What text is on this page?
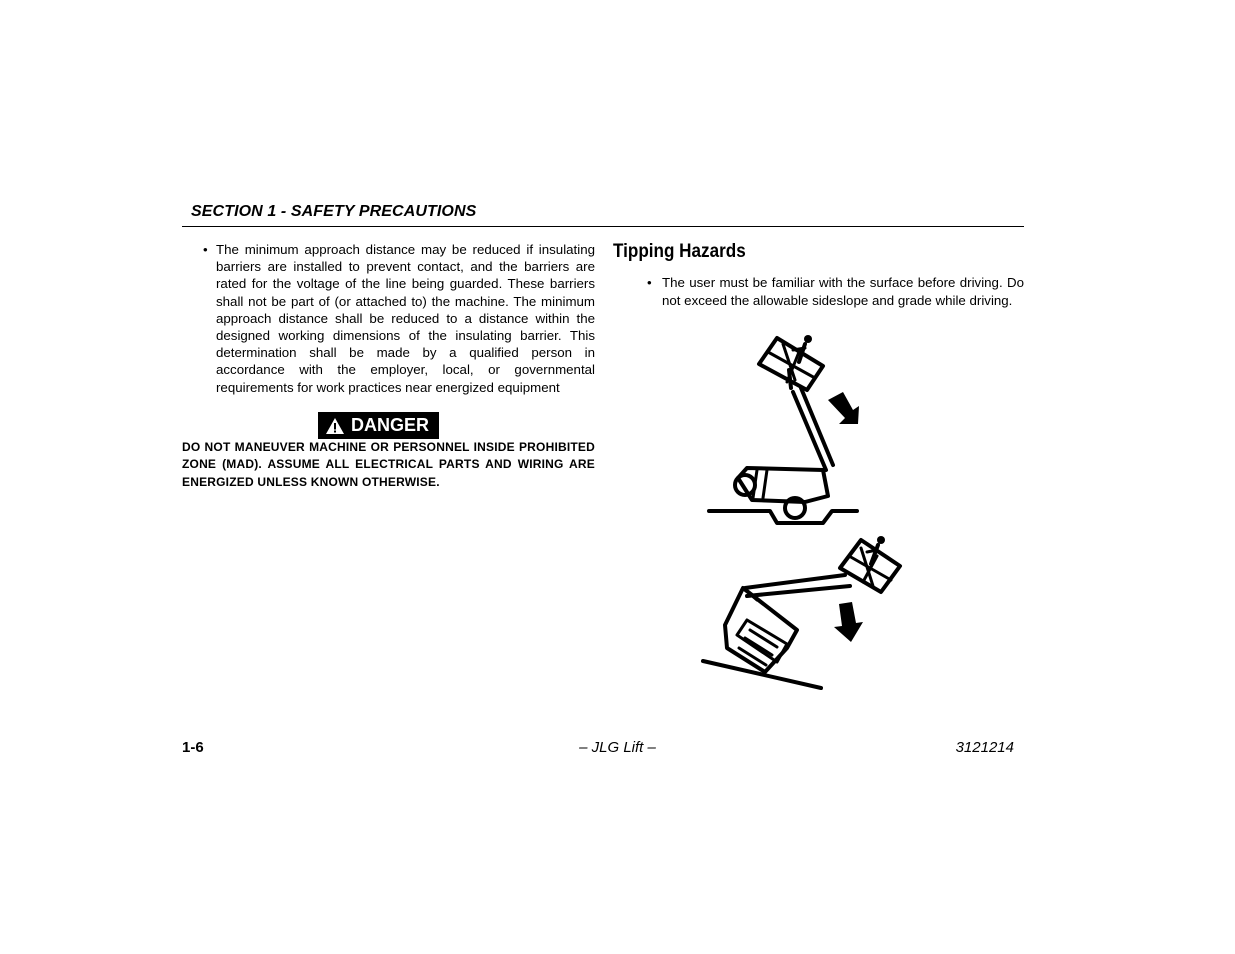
SECTION 1 - SAFETY PRECAUTIONS
• The minimum approach distance may be reduced if insulating barriers are installed to prevent contact, and the barriers are rated for the voltage of the line being guarded. These barriers shall not be part of (or attached to) the machine. The minimum approach distance shall be reduced to a distance within the designed working dimensions of the insulating barrier. This determination shall be made by a qualified person in accordance with the employer, local, or governmental requirements for work practices near energized equipment
DANGER
DO NOT MANEUVER MACHINE OR PERSONNEL INSIDE PROHIBITED ZONE (MAD). ASSUME ALL ELECTRICAL PARTS AND WIRING ARE ENERGIZED UNLESS KNOWN OTHERWISE.
Tipping Hazards
• The user must be familiar with the surface before driving. Do not exceed the allowable sideslope and grade while driving.
1-6	– JLG Lift –	3121214
